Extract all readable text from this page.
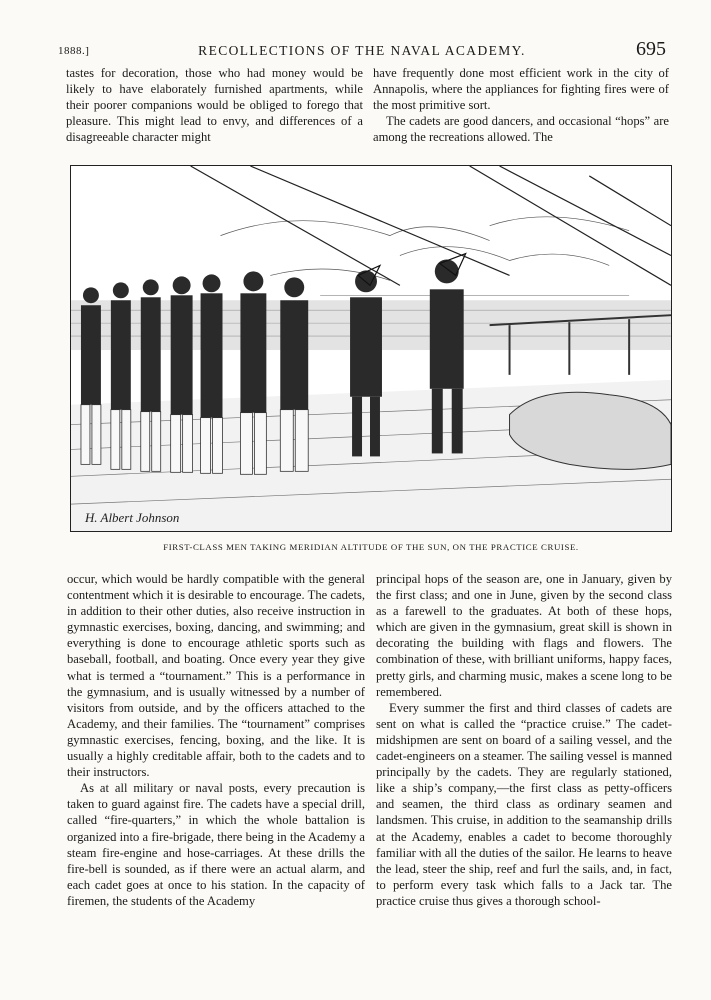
1888.]	RECOLLECTIONS OF THE NAVAL ACADEMY.	695

tastes for decoration, those who had money would be likely to have elaborately furnished apartments, while their poorer companions would be obliged to forego that pleasure. This might lead to envy, and differences of a disagreeable character might

have frequently done most efficient work in the city of Annapolis, where the appliances for fighting fires were of the most primitive sort.

The cadets are good dancers, and occasional “hops” are among the recreations allowed. The

H. Albert Johnson
FIRST-CLASS MEN TAKING MERIDIAN ALTITUDE OF THE SUN, ON THE PRACTICE CRUISE.

occur, which would be hardly compatible with the general contentment which it is desirable to encourage. The cadets, in addition to their other duties, also receive instruction in gymnastic exercises, boxing, dancing, and swimming; and everything is done to encourage athletic sports such as baseball, football, and boating. Once every year they give what is termed a “tournament.” This is a performance in the gymnasium, and is usually witnessed by a number of visitors from outside, and by the officers attached to the Academy, and their families. The “tournament” comprises gymnastic exercises, fencing, boxing, and the like. It is usually a highly creditable affair, both to the cadets and to their instructors.

As at all military or naval posts, every precaution is taken to guard against fire. The cadets have a special drill, called “fire-quarters,” in which the whole battalion is organized into a fire-brigade, there being in the Academy a steam fire-engine and hose-carriages. At these drills the fire-bell is sounded, as if there were an actual alarm, and each cadet goes at once to his station. In the capacity of firemen, the students of the Academy

principal hops of the season are, one in January, given by the first class; and one in June, given by the second class as a farewell to the graduates. At both of these hops, which are given in the gymnasium, great skill is shown in decorating the building with flags and flowers. The combination of these, with brilliant uniforms, happy faces, pretty girls, and charming music, makes a scene long to be remembered.

Every summer the first and third classes of cadets are sent on what is called the “practice cruise.” The cadet-midshipmen are sent on board of a sailing vessel, and the cadet-engineers on a steamer. The sailing vessel is manned principally by the cadets. They are regularly stationed, like a ship’s company,—the first class as petty-officers and seamen, the third class as ordinary seamen and landsmen. This cruise, in addition to the seamanship drills at the Academy, enables a cadet to become thoroughly familiar with all the duties of the sailor. He learns to heave the lead, steer the ship, reef and furl the sails, and, in fact, to perform every task which falls to a Jack tar. The practice cruise thus gives a thorough school-
